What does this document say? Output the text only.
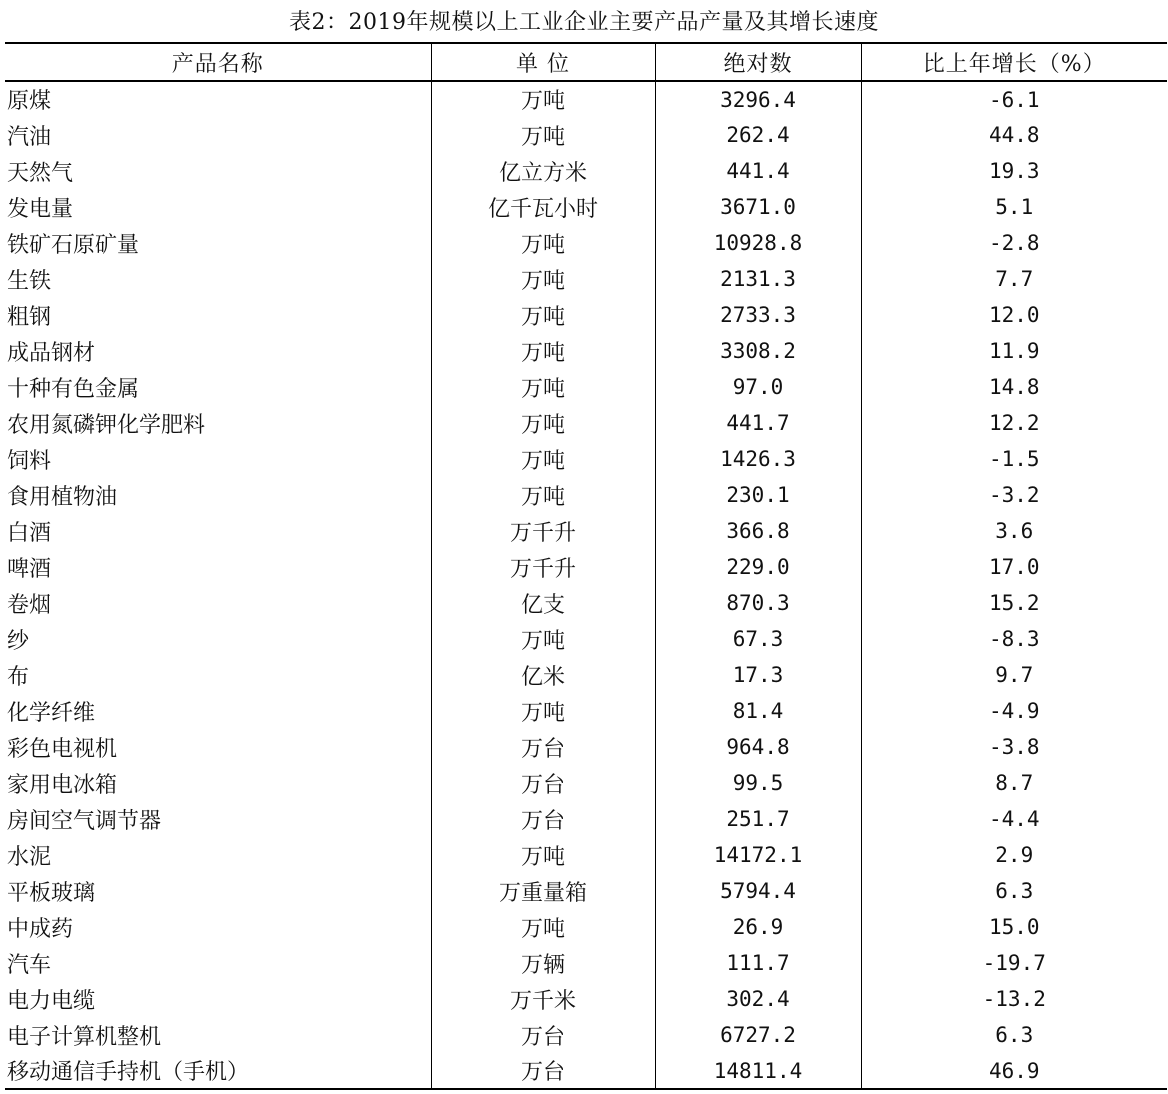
表2：2019年规模以上工业企业主要产品产量及其增长速度
产品名称	单 位	绝对数	比上年增长（%）
原煤	万吨	3296.4	-6.1
汽油	万吨	262.4	44.8
天然气	亿立方米	441.4	19.3
发电量	亿千瓦小时	3671.0	5.1
铁矿石原矿量	万吨	10928.8	-2.8
生铁	万吨	2131.3	7.7
粗钢	万吨	2733.3	12.0
成品钢材	万吨	3308.2	11.9
十种有色金属	万吨	97.0	14.8
农用氮磷钾化学肥料	万吨	441.7	12.2
饲料	万吨	1426.3	-1.5
食用植物油	万吨	230.1	-3.2
白酒	万千升	366.8	3.6
啤酒	万千升	229.0	17.0
卷烟	亿支	870.3	15.2
纱	万吨	67.3	-8.3
布	亿米	17.3	9.7
化学纤维	万吨	81.4	-4.9
彩色电视机	万台	964.8	-3.8
家用电冰箱	万台	99.5	8.7
房间空气调节器	万台	251.7	-4.4
水泥	万吨	14172.1	2.9
平板玻璃	万重量箱	5794.4	6.3
中成药	万吨	26.9	15.0
汽车	万辆	111.7	-19.7
电力电缆	万千米	302.4	-13.2
电子计算机整机	万台	6727.2	6.3
移动通信手持机（手机）	万台	14811.4	46.9
